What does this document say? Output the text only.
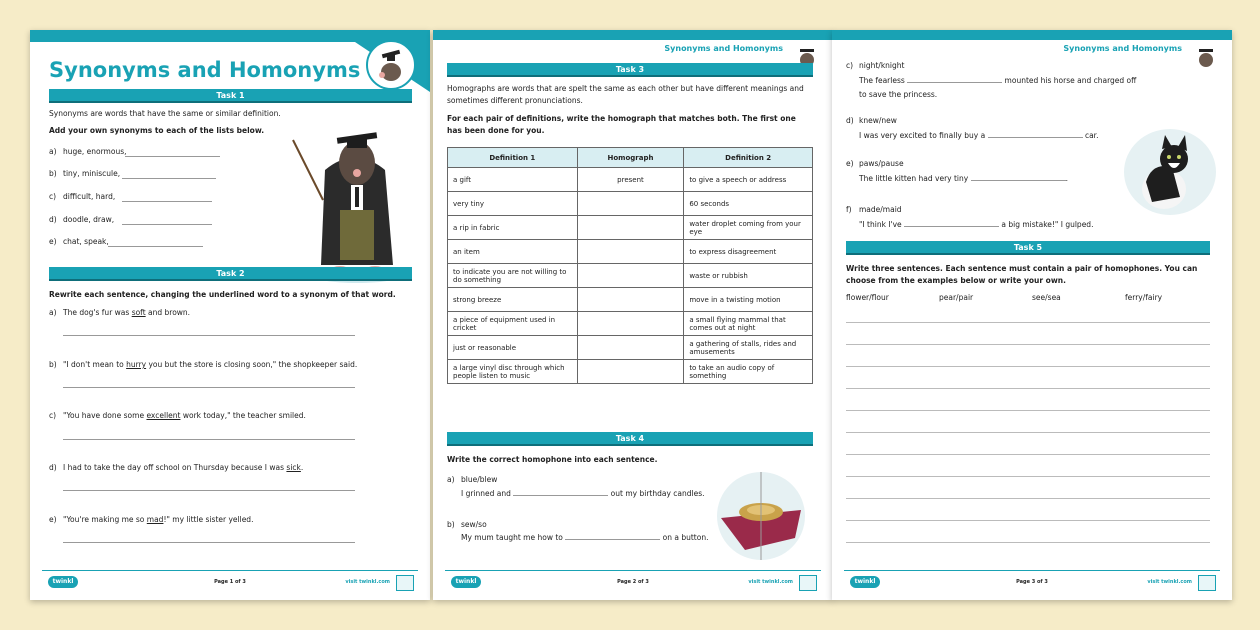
Synonyms and Homonyms
Task 1
Synonyms are words that have the same or similar definition.
Add your own synonyms to each of the lists below.
a) huge, enormous,
b) tiny, miniscule,
c) difficult, hard,
d) doodle, draw,
e) chat, speak,
Task 2
Rewrite each sentence, changing the underlined word to a synonym of that word.
a) The dog's fur was soft and brown.
b) "I don't mean to hurry you but the store is closing soon," the shopkeeper said.
c) "You have done some excellent work today," the teacher smiled.
d) I had to take the day off school on Thursday because I was sick.
e) "You're making me so mad!" my little sister yelled.
twinkl	Page 1 of 3	visit twinkl.com
Synonyms and Homonyms
Task 3
Homographs are words that are spelt the same as each other but have different meanings and sometimes different pronunciations.
For each pair of definitions, write the homograph that matches both. The first one has been done for you.
Definition 1	Homograph	Definition 2
a gift	present	to give a speech or address
very tiny		60 seconds
a rip in fabric		water droplet coming from your eye
an item		to express disagreement
to indicate you are not willing to do something		waste or rubbish
strong breeze		move in a twisting motion
a piece of equipment used in cricket		a small flying mammal that comes out at night
just or reasonable		a gathering of stalls, rides and amusements
a large vinyl disc through which people listen to music		to take an audio copy of something
Task 4
Write the correct homophone into each sentence.
a) blue/blew
I grinned and	out my birthday candles.
b) sew/so
My mum taught me how to	on a button.
twinkl	Page 2 of 3	visit twinkl.com
Synonyms and Homonyms
c) night/knight
The fearless	mounted his horse and charged off
to save the princess.
d) knew/new
I was very excited to finally buy a	car.
e) paws/pause
The little kitten had very tiny	.
f) made/maid
"I think I've	a big mistake!" I gulped.
Task 5
Write three sentences. Each sentence must contain a pair of homophones. You can choose from the examples below or write your own.
flower/flour	pear/pair	see/sea	ferry/fairy
twinkl	Page 3 of 3	visit twinkl.com
